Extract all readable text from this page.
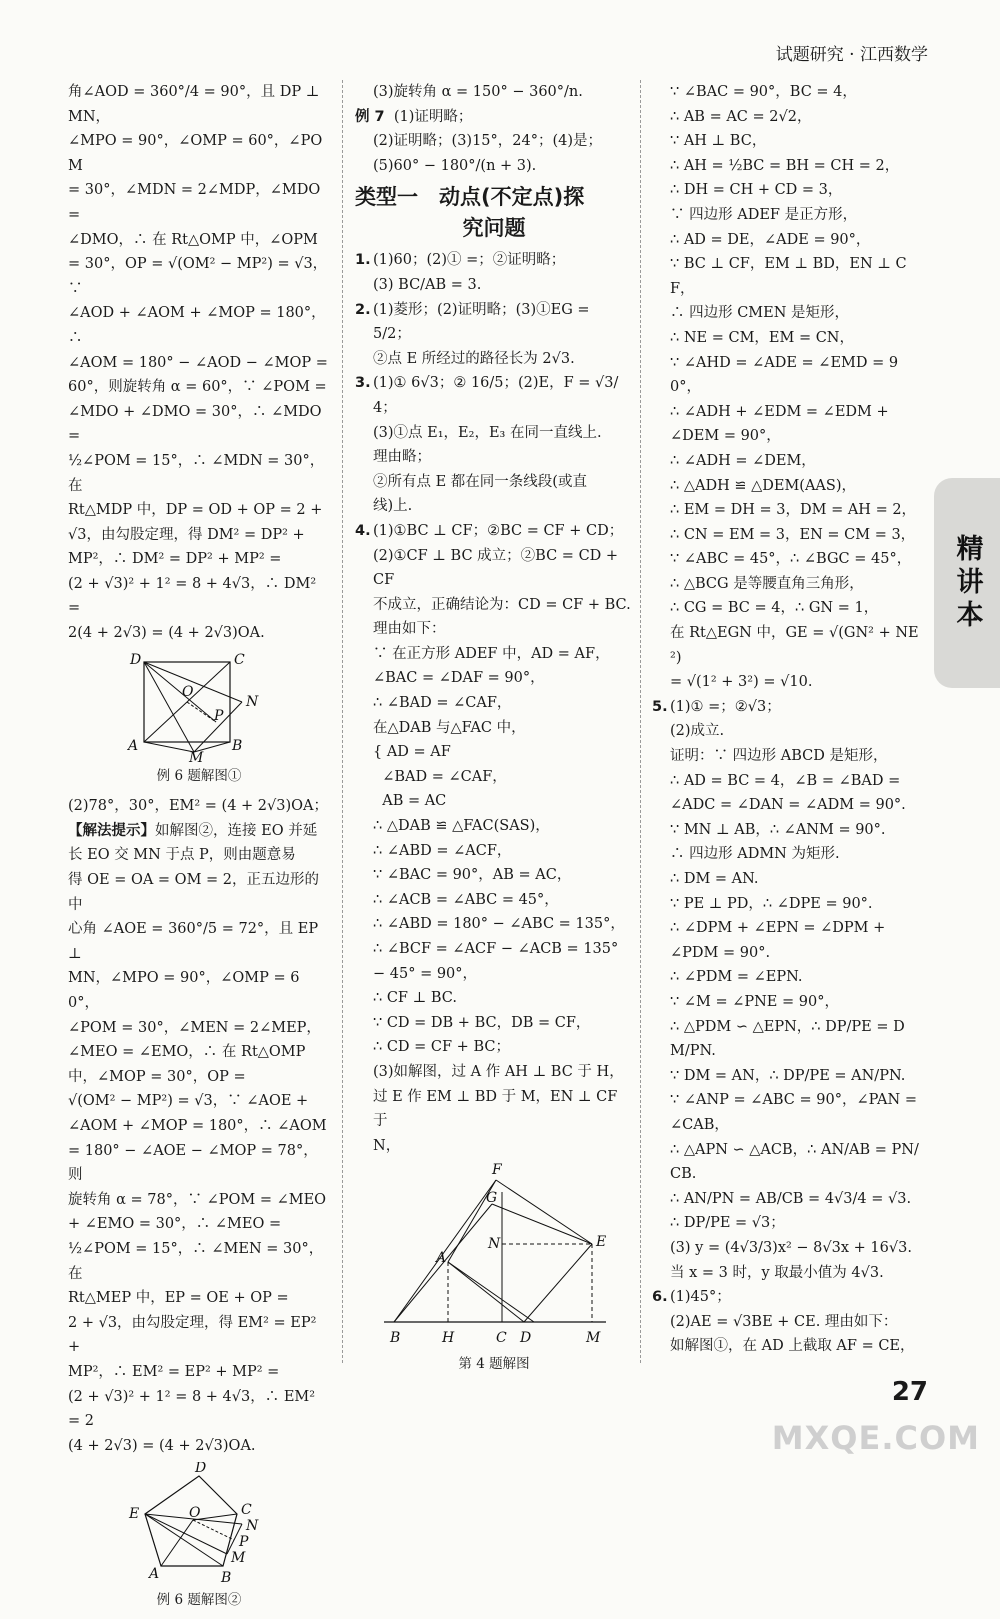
试题研究 · 江西数学
精讲本
角∠AOD = 360°/4 = 90°，且 DP ⊥ MN，
∠MPO = 90°，∠OMP = 60°，∠POM
= 30°，∠MDN = 2∠MDP，∠MDO =
∠DMO，∴ 在 Rt△OMP 中，∠OPM
= 30°，OP = √(OM² − MP²) = √3，∵
∠AOD + ∠AOM + ∠MOP = 180°，∴
∠AOM = 180° − ∠AOD − ∠MOP =
60°，则旋转角 α = 60°，∵ ∠POM =
∠MDO + ∠DMO = 30°，∴ ∠MDO =
½∠POM = 15°，∴ ∠MDN = 30°，在
Rt△MDP 中，DP = OD + OP = 2 +
√3，由勾股定理，得 DM² = DP² +
MP²，∴ DM² = DP² + MP² =
(2 + √3)² + 1² = 8 + 4√3，∴ DM² =
2(4 + 2√3) = (4 + 2√3)OA.
D	C
O
N
P
A	B
M
例 6 题解图①
(2)78°，30°，EM² = (4 + 2√3)OA；
【解法提示】如解图②，连接 EO 并延长 EO 交 MN 于点 P，则由题意易
得 OE = OA = OM = 2，正五边形的中
心角 ∠AOE = 360°/5 = 72°，且 EP ⊥
MN，∠MPO = 90°，∠OMP = 60°，
∠POM = 30°，∠MEN = 2∠MEP，
∠MEO = ∠EMO，∴ 在 Rt△OMP
中，∠MOP = 30°，OP =
√(OM² − MP²) = √3，∵ ∠AOE +
∠AOM + ∠MOP = 180°，∴ ∠AOM
= 180° − ∠AOE − ∠MOP = 78°，则
旋转角 α = 78°，∵ ∠POM = ∠MEO
+ ∠EMO = 30°，∴ ∠MEO =
½∠POM = 15°，∴ ∠MEN = 30°，在
Rt△MEP 中，EP = OE + OP =
2 + √3，由勾股定理，得 EM² = EP² +
MP²，∴ EM² = EP² + MP² =
(2 + √3)² + 1² = 8 + 4√3，∴ EM² = 2
(4 + 2√3) = (4 + 2√3)OA.
D
E	O	C
N
P
M
A	B
例 6 题解图②
(3)旋转角 α = 150° − 360°/n.
例 7 (1)证明略；
(2)证明略；(3)15°，24°；(4)是；
(5)60° − 180°/(n + 3).
类型一　动点(不定点)探
究问题
1. (1)60；(2)① =；②证明略；
(3) BC/AB = 3.
2. (1)菱形；(2)证明略；(3)①EG =
5/2；
②点 E 所经过的路径长为 2√3.
3. (1)① 6√3；② 16/5；(2)E，F = √3/4；
(3)①点 E₁，E₂，E₃ 在同一直线上.
理由略；
②所有点 E 都在同一条线段(或直
线)上.
4. (1)①BC ⊥ CF；②BC = CF + CD；
(2)①CF ⊥ BC 成立；②BC = CD + CF
不成立，正确结论为：CD = CF + BC.
理由如下：
∵ 在正方形 ADEF 中，AD = AF，
∠BAC = ∠DAF = 90°，
∴ ∠BAD = ∠CAF，
在△DAB 与△FAC 中，
{ AD = AF
∠BAD = ∠CAF，
AB = AC
∴ △DAB ≌ △FAC(SAS)，
∴ ∠ABD = ∠ACF，
∵ ∠BAC = 90°，AB = AC，
∴ ∠ACB = ∠ABC = 45°，
∴ ∠ABD = 180° − ∠ABC = 135°，
∴ ∠BCF = ∠ACF − ∠ACB = 135°
− 45° = 90°，
∴ CF ⊥ BC.
∵ CD = DB + BC，DB = CF，
∴ CD = CF + BC；
(3)如解图，过 A 作 AH ⊥ BC 于 H，
过 E 作 EM ⊥ BD 于 M，EN ⊥ CF 于
N，
F
G
E
N
A
B	H	C D	M
第 4 题解图
∵ ∠BAC = 90°，BC = 4，
∴ AB = AC = 2√2，
∵ AH ⊥ BC，
∴ AH = ½BC = BH = CH = 2，
∴ DH = CH + CD = 3，
∵ 四边形 ADEF 是正方形，
∴ AD = DE，∠ADE = 90°，
∵ BC ⊥ CF，EM ⊥ BD，EN ⊥ CF，
∴ 四边形 CMEN 是矩形，
∴ NE = CM，EM = CN，
∵ ∠AHD = ∠ADE = ∠EMD = 90°，
∴ ∠ADH + ∠EDM = ∠EDM +
∠DEM = 90°，
∴ ∠ADH = ∠DEM，
∴ △ADH ≌ △DEM(AAS)，
∴ EM = DH = 3，DM = AH = 2，
∴ CN = EM = 3，EN = CM = 3，
∵ ∠ABC = 45°，∴ ∠BGC = 45°，
∴ △BCG 是等腰直角三角形，
∴ CG = BC = 4，∴ GN = 1，
在 Rt△EGN 中，GE = √(GN² + NE²)
= √(1² + 3²) = √10.
5. (1)① =；②√3；
(2)成立.
证明：∵ 四边形 ABCD 是矩形，
∴ AD = BC = 4，∠B = ∠BAD =
∠ADC = ∠DAN = ∠ADM = 90°.
∵ MN ⊥ AB，∴ ∠ANM = 90°.
∴ 四边形 ADMN 为矩形.
∴ DM = AN.
∵ PE ⊥ PD，∴ ∠DPE = 90°.
∴ ∠DPM + ∠EPN = ∠DPM +
∠PDM = 90°.
∴ ∠PDM = ∠EPN.
∵ ∠M = ∠PNE = 90°，
∴ △PDM ∽ △EPN，∴ DP/PE = DM/PN.
∵ DM = AN，∴ DP/PE = AN/PN.
∵ ∠ANP = ∠ABC = 90°，∠PAN =
∠CAB，
∴ △APN ∽ △ACB，∴ AN/AB = PN/CB.
∴ AN/PN = AB/CB = 4√3/4 = √3.
∴ DP/PE = √3；
(3) y = (4√3/3)x² − 8√3x + 16√3.
当 x = 3 时，y 取最小值为 4√3.
6. (1)45°；
(2)AE = √3BE + CE. 理由如下：
如解图①，在 AD 上截取 AF = CE，
27
MXQE.COM
